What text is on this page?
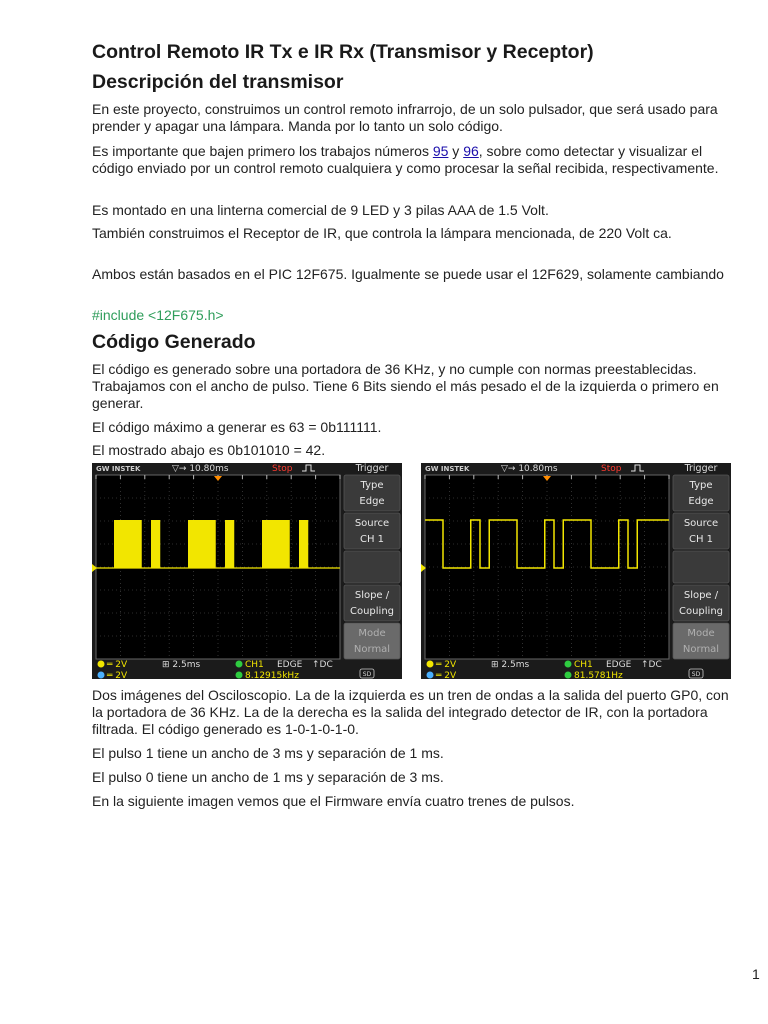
Control Remoto IR Tx e IR Rx (Transmisor y Receptor)
Descripción del transmisor

En este proyecto, construimos un control remoto infrarrojo, de un solo pulsador, que será usado para prender y apagar una lámpara. Manda por lo tanto un solo código.

Es importante que bajen primero los trabajos números 95 y 96, sobre como detectar y visualizar el código enviado por un control remoto cualquiera y como procesar la señal recibida, respectivamente.

Es montado en una linterna comercial de 9 LED y 3 pilas AAA de 1.5 Volt.

También construimos el Receptor de IR, que controla la lámpara mencionada, de 220 Volt ca.

Ambos están basados en el PIC 12F675. Igualmente se puede usar el 12F629, solamente cambiando

#include <12F675.h>

Código Generado

El código es generado sobre una portadora de 36 KHz, y no cumple con normas preestablecidas. Trabajamos con el ancho de pulso. Tiene 6 Bits siendo el más pesado el de la izquierda o primero en generar.

El código máximo a generar es 63 = 0b111111.

El mostrado abajo es 0b101010 = 42.

GW INSTEK	▽→ 10.80ms	Stop	Trigger
Type
Edge
Source
CH 1
Slope /
Coupling
Mode
Normal
═ 2V
═ 2V
⊞ 2.5ms	CH1 EDGE ↑DC
8.12915kHz	SD
GW INSTEK	▽→ 10.80ms	Stop	Trigger
Type
Edge
Source
CH 1
Slope /
Coupling
Mode
Normal
═ 2V
═ 2V
⊞ 2.5ms	CH1 EDGE ↑DC
81.5781Hz	SD

Dos imágenes del Osciloscopio. La de la izquierda es un tren de ondas a la salida del puerto GP0, con la portadora de 36 KHz. La de la derecha es la salida del integrado detector de IR, con la portadora filtrada. El código generado es 1-0-1-0-1-0.

El pulso 1 tiene un ancho de 3 ms y separación de 1 ms.

El pulso 0 tiene un ancho de 1 ms y separación de 3 ms.

En la siguiente imagen vemos que el Firmware envía cuatro trenes de pulsos.

1
